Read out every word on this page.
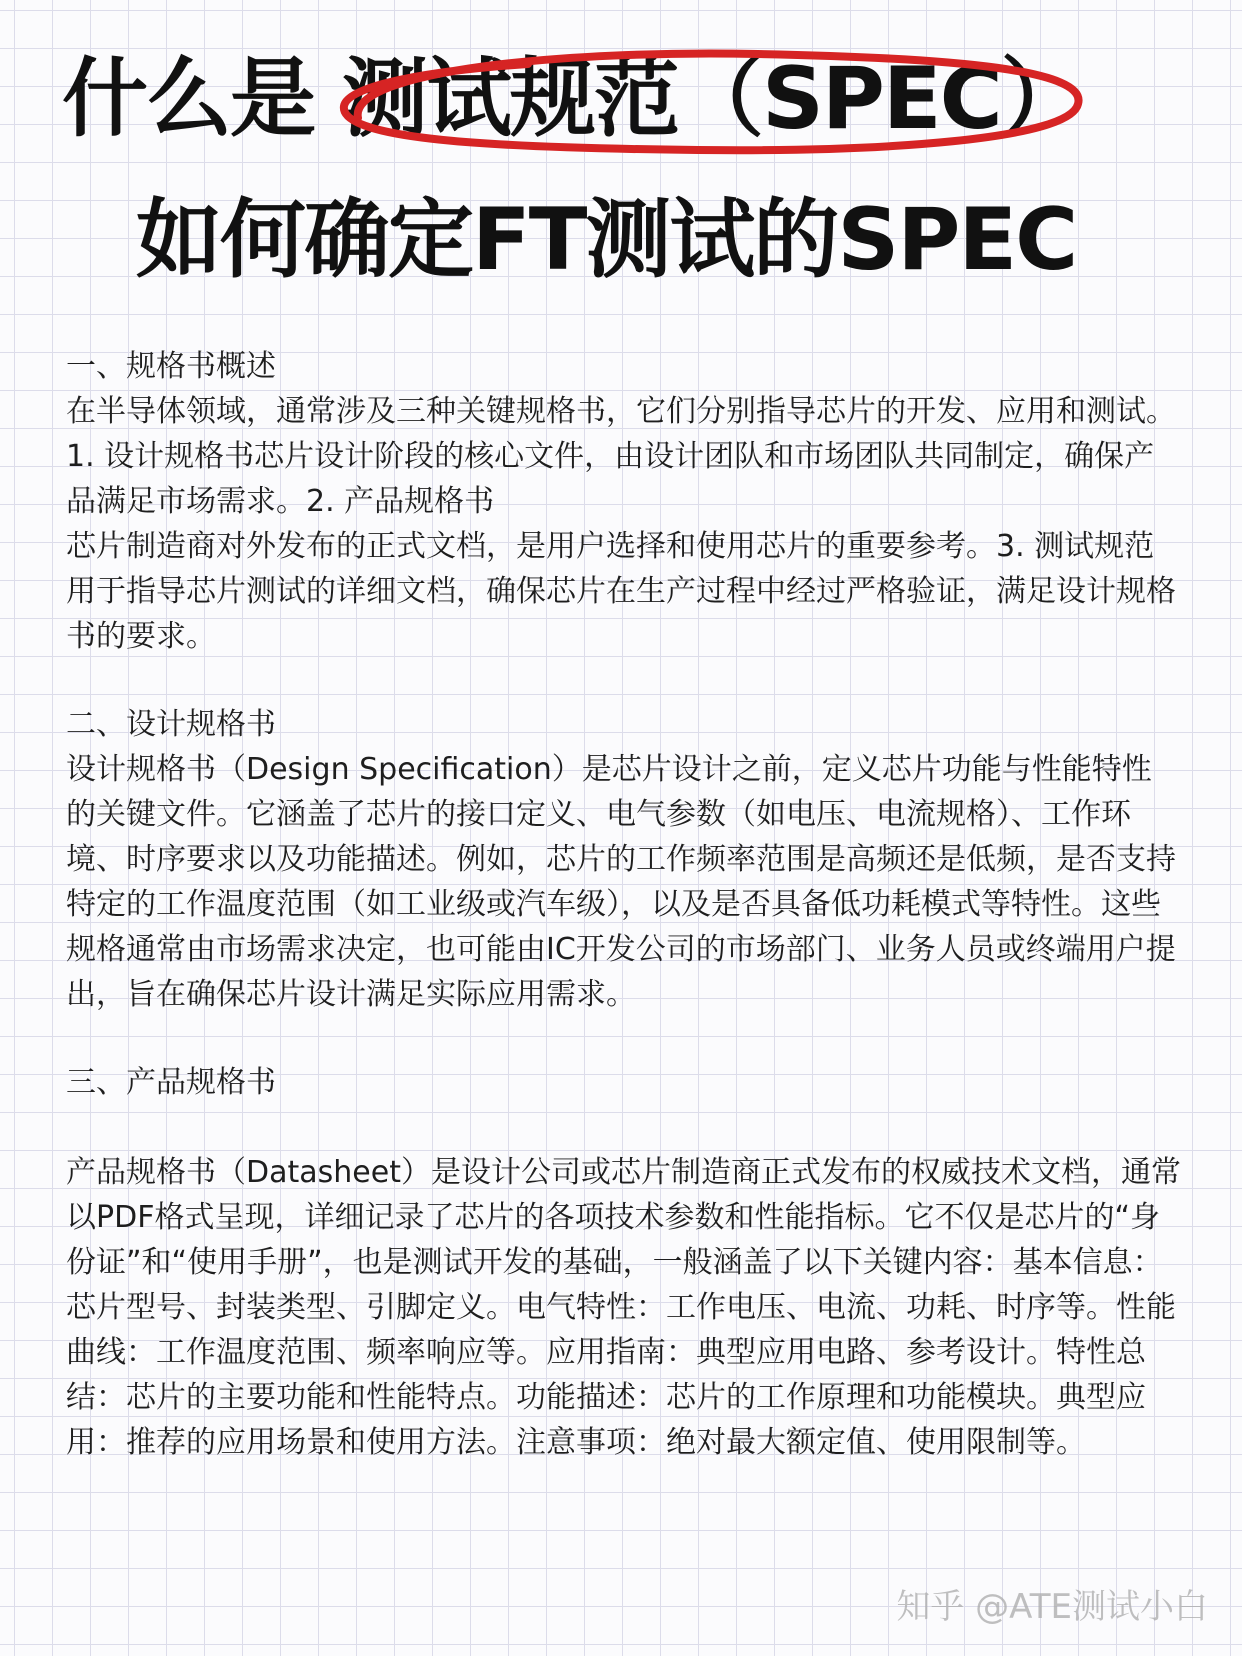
什么是 测试规范（SPEC）
如何确定FT测试的SPEC

一、规格书概述

在半导体领域，通常涉及三种关键规格书，它们分别指导芯片的开发、应用和测试。1. 设计规格书芯片设计阶段的核心文件，由设计团队和市场团队共同制定，确保产品满足市场需求。2. 产品规格书

芯片制造商对外发布的正式文档，是用户选择和使用芯片的重要参考。3. 测试规范

用于指导芯片测试的详细文档，确保芯片在生产过程中经过严格验证，满足设计规格书的要求。

二、设计规格书

设计规格书（Design Specification）是芯片设计之前，定义芯片功能与性能特性的关键文件。它涵盖了芯片的接口定义、电气参数（如电压、电流规格）、工作环境、时序要求以及功能描述。例如，芯片的工作频率范围是高频还是低频，是否支持特定的工作温度范围（如工业级或汽车级），以及是否具备低功耗模式等特性。这些规格通常由市场需求决定，也可能由IC开发公司的市场部门、业务人员或终端用户提出，旨在确保芯片设计满足实际应用需求。

三、产品规格书

产品规格书（Datasheet）是设计公司或芯片制造商正式发布的权威技术文档，通常以PDF格式呈现，详细记录了芯片的各项技术参数和性能指标。它不仅是芯片的“身份证”和“使用手册”，也是测试开发的基础，一般涵盖了以下关键内容：基本信息：芯片型号、封装类型、引脚定义。电气特性：工作电压、电流、功耗、时序等。性能曲线：工作温度范围、频率响应等。应用指南：典型应用电路、参考设计。特性总结：芯片的主要功能和性能特点。功能描述：芯片的工作原理和功能模块。典型应用：推荐的应用场景和使用方法。注意事项：绝对最大额定值、使用限制等。

知乎 @ATE测试小白
